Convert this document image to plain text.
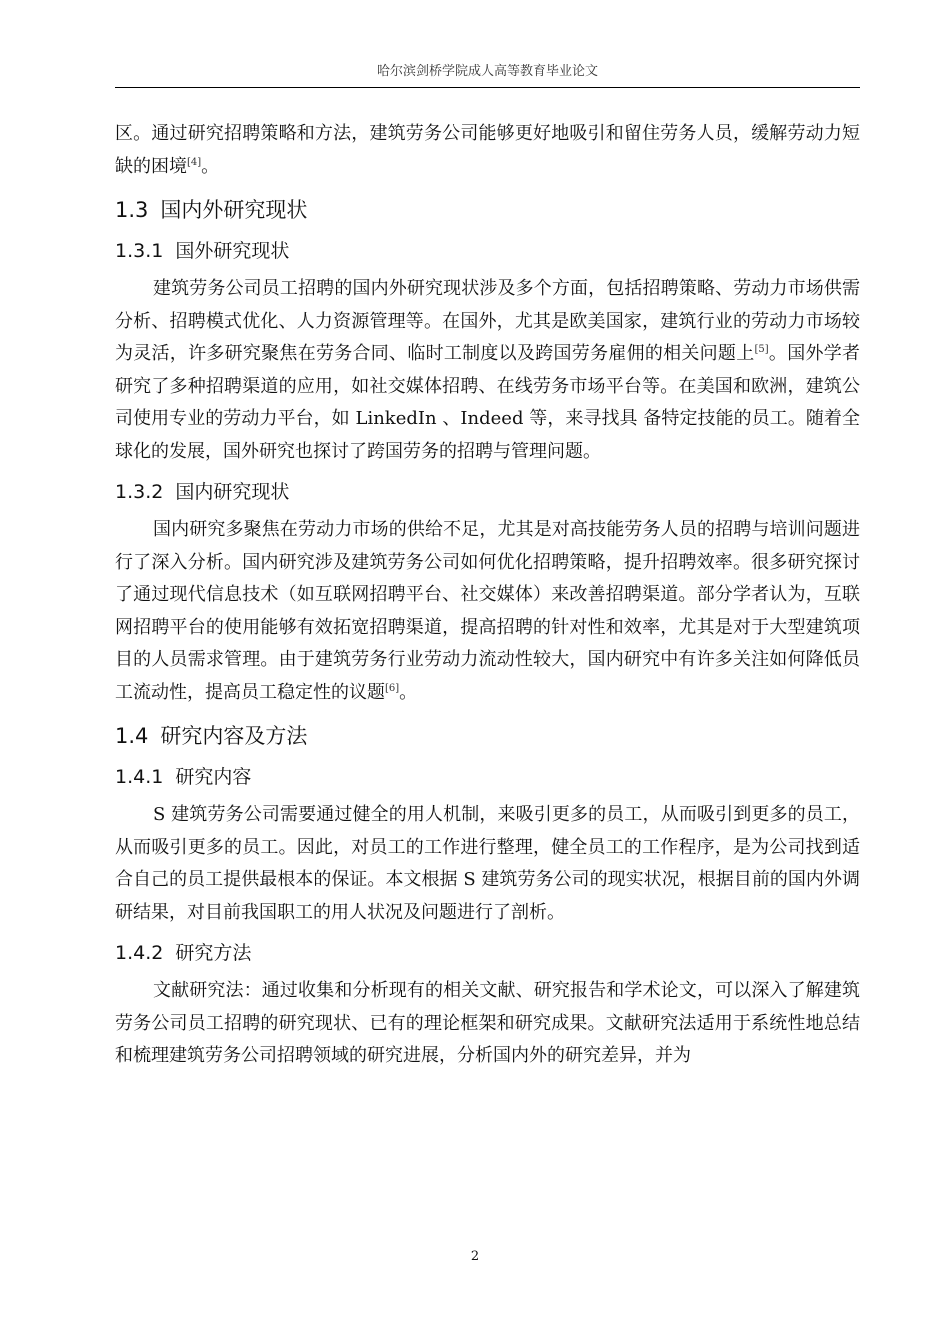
哈尔滨剑桥学院成人高等教育毕业论文

区。通过研究招聘策略和方法，建筑劳务公司能够更好地吸引和留住劳务人员，缓解劳动力短缺的困境[4]。

1.3 国内外研究现状
1.3.1 国外研究现状

建筑劳务公司员工招聘的国内外研究现状涉及多个方面，包括招聘策略、劳动力市场供需分析、招聘模式优化、人力资源管理等。在国外，尤其是欧美国家，建筑行业的劳动力市场较为灵活，许多研究聚焦在劳务合同、临时工制度以及跨国劳务雇佣的相关问题上[5]。国外学者研究了多种招聘渠道的应用，如社交媒体招聘、在线劳务市场平台等。在美国和欧洲，建筑公司使用专业的劳动力平台，如 LinkedIn 、Indeed 等，来寻找具 备特定技能的员工。随着全球化的发展，国外研究也探讨了跨国劳务的招聘与管理问题。

1.3.2 国内研究现状

国内研究多聚焦在劳动力市场的供给不足，尤其是对高技能劳务人员的招聘与培训问题进行了深入分析。国内研究涉及建筑劳务公司如何优化招聘策略，提升招聘效率。很多研究探讨了通过现代信息技术（如互联网招聘平台、社交媒体）来改善招聘渠道。部分学者认为，互联网招聘平台的使用能够有效拓宽招聘渠道，提高招聘的针对性和效率，尤其是对于大型建筑项目的人员需求管理。由于建筑劳务行业劳动力流动性较大，国内研究中有许多关注如何降低员工流动性，提高员工稳定性的议题[6]。

1.4 研究内容及方法
1.4.1 研究内容

S 建筑劳务公司需要通过健全的用人机制，来吸引更多的员工，从而吸引到更多的员工，从而吸引更多的员工。因此，对员工的工作进行整理，健全员工的工作程序，是为公司找到适合自己的员工提供最根本的保证。本文根据 S 建筑劳务公司的现实状况，根据目前的国内外调研结果，对目前我国职工的用人状况及问题进行了剖析。

1.4.2 研究方法

文献研究法：通过收集和分析现有的相关文献、研究报告和学术论文，可以深入了解建筑劳务公司员工招聘的研究现状、已有的理论框架和研究成果。文献研究法适用于系统性地总结和梳理建筑劳务公司招聘领域的研究进展，分析国内外的研究差异，并为

2
